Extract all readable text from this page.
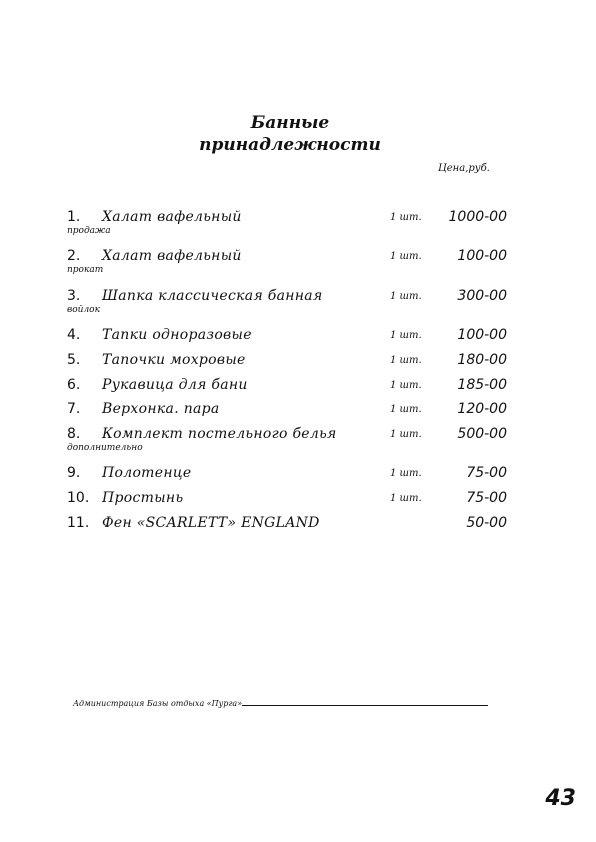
Банные
принадлежности
Цена,руб.
1. Халат вафельный	1 шт. 1000-00
продажа
2. Халат вафельный	1 шт.	100-00
прокат
3. Шапка классическая банная	1 шт.	300-00
войлок
4. Тапки одноразовые	1 шт.	100-00
5. Тапочки мохровые	1 шт.	180-00
6. Рукавица для бани	1 шт.	185-00
7. Верхонка. пара	1 шт.	120-00
8. Комплект постельного белья	1 шт.	500-00
дополнительно
9. Полотенце	1 шт.	75-00
10. Простынь	1 шт.	75-00
11. Фен «SCARLETT» ENGLAND	50-00
Администрация Базы отдыха «Пурга»
43
